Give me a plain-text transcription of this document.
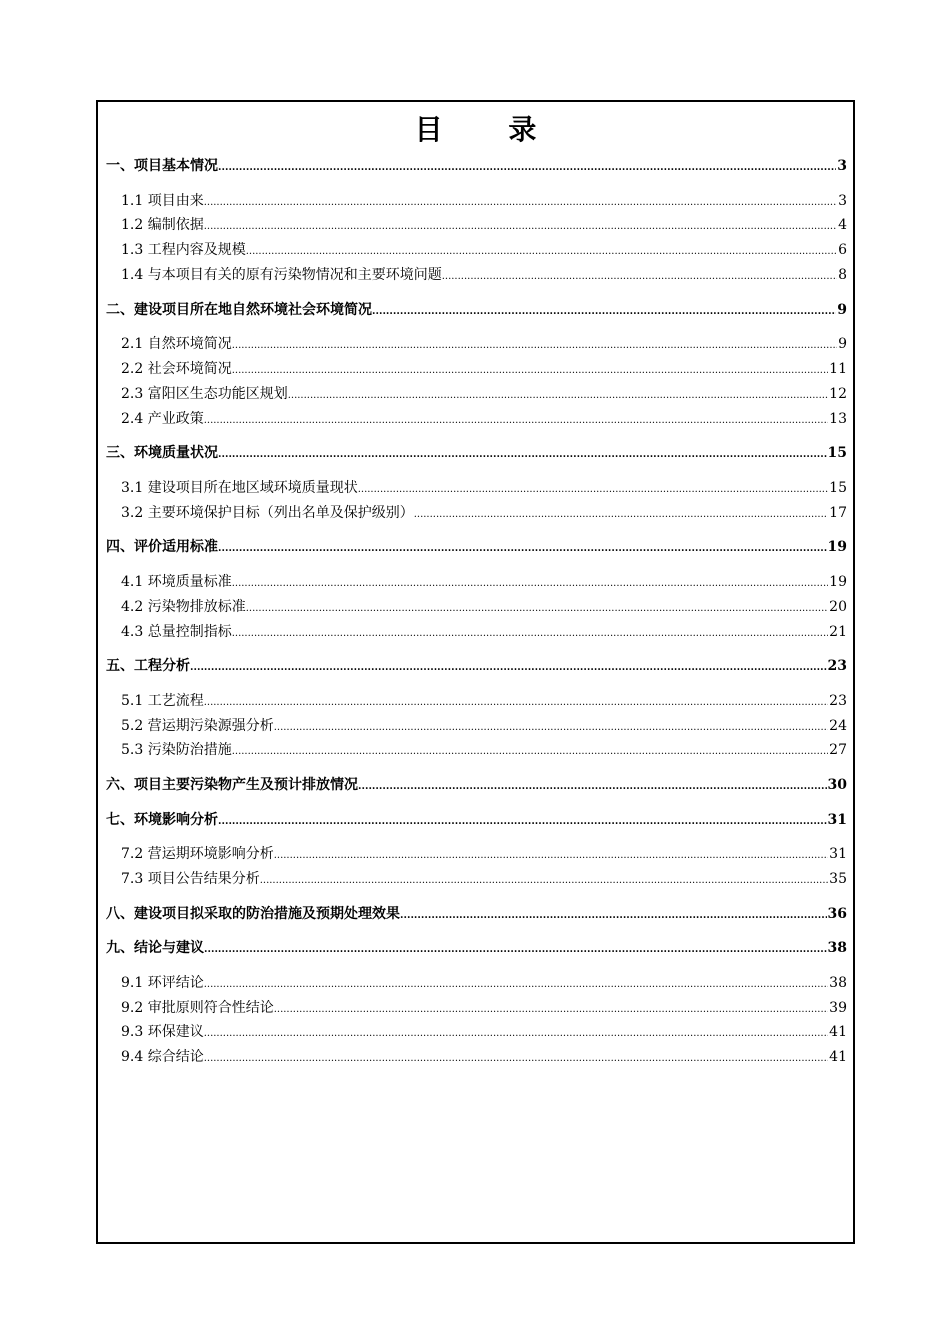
目 录
一、项目基本情况 .....	3
1.1 项目由来 .....	3
1.2 编制依据 .....	4
1.3 工程内容及规模 .....	6
1.4 与本项目有关的原有污染物情况和主要环境问题 .....	8
二、建设项目所在地自然环境社会环境简况 .....	9
2.1 自然环境简况 .....	9
2.2 社会环境简况 .....	11
2.3 富阳区生态功能区规划 .....	12
2.4 产业政策 .....	13
三、环境质量状况 .....	15
3.1 建设项目所在地区域环境质量现状 .....	15
3.2 主要环境保护目标（列出名单及保护级别） .....	17
四、评价适用标准 .....	19
4.1 环境质量标准 .....	19
4.2 污染物排放标准 .....	20
4.3 总量控制指标 .....	21
五、工程分析 .....	23
5.1 工艺流程 .....	23
5.2 营运期污染源强分析 .....	24
5.3 污染防治措施 .....	27
六、项目主要污染物产生及预计排放情况 .....	30
七、环境影响分析 .....	31
7.2 营运期环境影响分析 .....	31
7.3 项目公告结果分析 .....	35
八、建设项目拟采取的防治措施及预期处理效果 .....	36
九、结论与建议 .....	38
9.1 环评结论 .....	38
9.2 审批原则符合性结论 .....	39
9.3 环保建议 .....	41
9.4 综合结论 .....	41
